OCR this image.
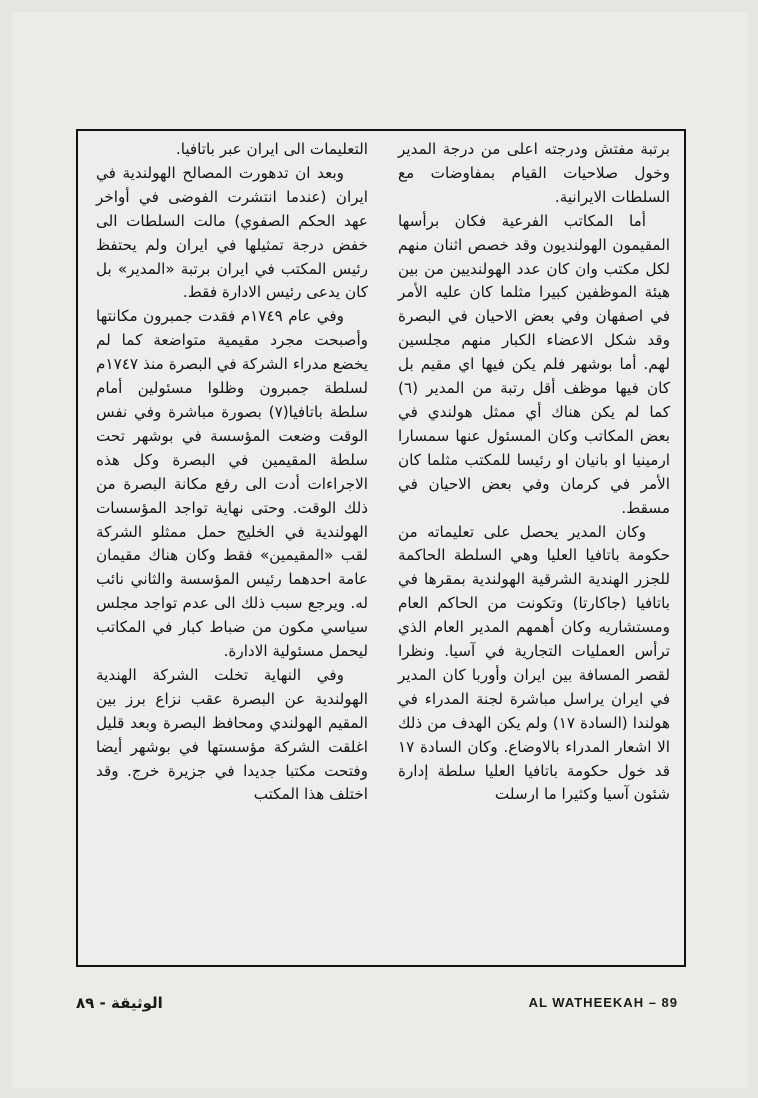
برتبة مفتش ودرجته اعلى من درجة المدير وخول صلاحيات القيام بمفاوضات مع السلطات الايرانية.

أما المكاتب الفرعية فكان برأسها المقيمون الهولنديون وقد خصص اثنان منهم لكل مكتب وان كان عدد الهولنديين من بين هيئة الموظفين كبيرا مثلما كان عليه الأمر في اصفهان وفي بعض الاحيان في البصرة وقد شكل الاعضاء الكبار منهم مجلسين لهم. أما بوشهر فلم يكن فيها اي مقيم بل كان فيها موظف أقل رتبة من المدير (٦) كما لم يكن هناك أي ممثل هولندي في بعض المكاتب وكان المسئول عنها سمسارا ارمينيا او بانيان او رئيسا للمكتب مثلما كان الأمر في كرمان وفي بعض الاحيان في مسقط.

وكان المدير يحصل على تعليماته من حكومة باتافيا العليا وهي السلطة الحاكمة للجزر الهندية الشرقية الهولندية بمقرها في باتافيا (جاكارتا) وتكونت من الحاكم العام ومستشاريه وكان أهمهم المدير العام الذي ترأس العمليات التجارية في آسيا. ونظرا لقصر المسافة بين ايران وأوربا كان المدير في ايران يراسل مباشرة لجنة المدراء في هولندا (السادة ١٧) ولم يكن الهدف من ذلك الا اشعار المدراء بالاوضاع. وكان السادة ١٧ قد خول حكومة باتافيا العليا سلطة إدارة شئون آسيا وكثيرا ما ارسلت

التعليمات الى ايران عبر باتافيا.

وبعد ان تدهورت المصالح الهولندية في ايران (عندما انتشرت الفوضى في أواخر عهد الحكم الصفوي) مالت السلطات الى خفض درجة تمثيلها في ايران ولم يحتفظ رئيس المكتب في ايران برتبة «المدير» بل كان يدعى رئيس الادارة فقط.

وفي عام ١٧٤٩م فقدت جمبرون مكانتها وأصبحت مجرد مقيمية متواضعة كما لم يخضع مدراء الشركة في البصرة منذ ١٧٤٧م لسلطة جمبرون وظلوا مسئولين أمام سلطة باتافيا(٧) بصورة مباشرة وفي نفس الوقت وضعت المؤسسة في بوشهر تحت سلطة المقيمين في البصرة وكل هذه الاجراءات أدت الى رفع مكانة البصرة من ذلك الوقت. وحتى نهاية تواجد المؤسسات الهولندية في الخليج حمل ممثلو الشركة لقب «المقيمين» فقط وكان هناك مقيمان عامة احدهما رئيس المؤسسة والثاني نائب له. ويرجع سبب ذلك الى عدم تواجد مجلس سياسي مكون من ضباط كبار في المكاتب ليحمل مسئولية الادارة.

وفي النهاية تخلت الشركة الهندية الهولندية عن البصرة عقب نزاع برز بين المقيم الهولندي ومحافظ البصرة وبعد قليل اغلقت الشركة مؤسستها في بوشهر أيضا وفتحت مكتبا جديدا في جزيرة خرج. وقد اختلف هذا المكتب

الوثيقة - ٨٩	AL WATHEEKAH – 89
